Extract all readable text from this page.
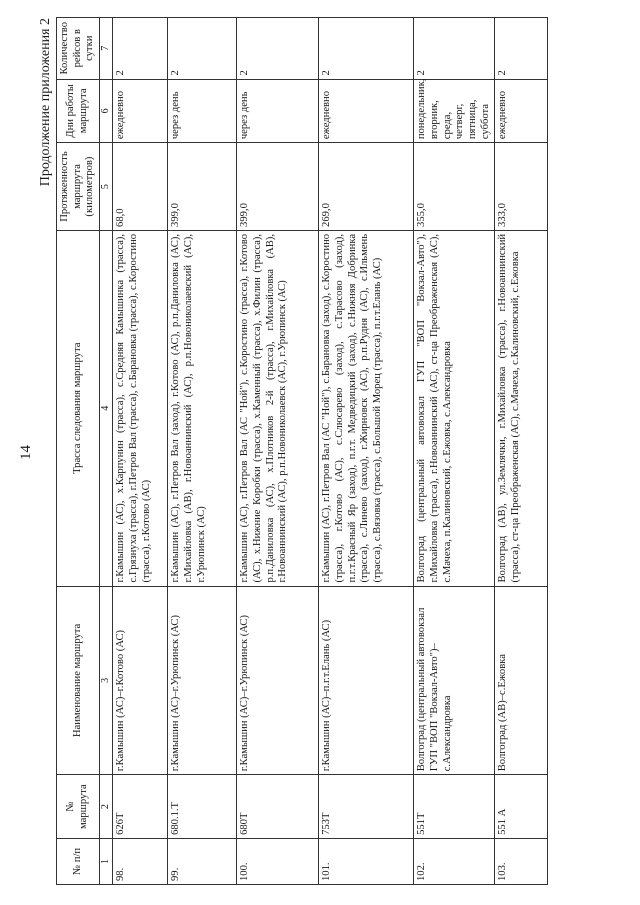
14
Продолжение приложения 2
№ п/п	№ маршрута	Наименование маршрута	Трасса следования маршрута	Протяженность маршрута (километров)	Дни работы маршрута	Количество рейсов в сутки
1	2	3	4	5	6	7
98.	626Т	г.Камышин (АС)–г.Котово (АС)	г.Камышин (АС), х.Карпунин (трасса), с.Средняя Камышинка (трасса), с.Грязнуха (трасса), г.Петров Вал (трасса), с.Барановка (трасса), с.Коростино (трасса), г.Котово (АС)	68,0	ежедневно	2
99.	680.1.Т	г.Камышин (АС)–г.Урюпинск (АС)	г.Камышин (АС), г.Петров Вал (заход), г.Котово (АС), р.п.Даниловка (АС), г.Михайловка (АВ), г.Новоаннинский (АС), р.п.Новониколаевский (АС), г.Урюпинск (АС)	399,0	через день	2
100.	680Т	г.Камышин (АС)–г.Урюпинск (АС)	г.Камышин (АС), г.Петров Вал (АС "Ной"), с.Коростино (трасса), г.Котово (АС), х.Нижние Коробки (трасса), х.Каменный (трасса), х.Филин (трасса), р.п.Даниловка (АС), х.Плотников 2-й (трасса), г.Михайловка (АВ), г.Новоаннинский (АС), р.п.Новониколаевск (АС), г.Урюпинск (АС)	399,0	через день	2
101.	753Т	г.Камышин (АС)–п.г.т.Елань (АС)	г.Камышин (АС), г.Петров Вал (АС "Ной"), с.Барановка (заход), с.Коростино (трасса), г.Котово (АС), с.Слюсарево (заход), с.Тарасово (заход), п.г.т.Красный Яр (заход), п.г.т. Медведицкий (заход), с.Нижняя Добринка (трасса), с.Линево (заход), г.Жирновск (АС), р.п.Рудня (АС), с.Ильмень (трасса), с.Вязовка (трасса), с.Большой Морец (трасса), п.г.т.Елань (АС)	269,0	ежедневно	2
102.	551Т	Волгоград (центральный автовокзал ГУП "ВОП "Вокзал-Авто")–с.Александровка	Волгоград (центральный автовокзал ГУП "ВОП "Вокзал-Авто"), г.Михайловка (трасса), г.Новоаннинский (АС), ст-ца Преображенская (АС), с.Мачеха, п.Калиновский, с.Ежовка, с.Александровка	355,0	понедельник, вторник, среда, четверг, пятница, суббота	2
103.	551 А	Волгоград (АВ)–с.Ежовка	Волгоград (АВ), ул.Землячки, г.Михайловка (трасса), г.Новоаннинский (трасса), ст-ца Преображенская (АС), с.Мачеха, с.Калиновский, с.Ежовка	333,0	ежедневно	2
